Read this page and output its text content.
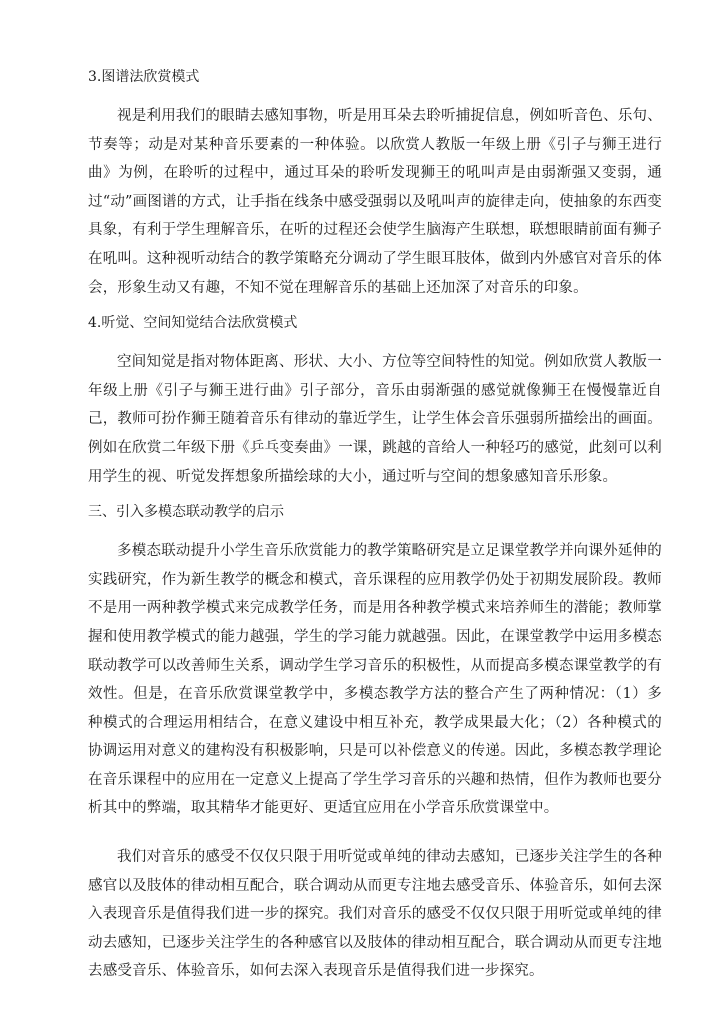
3.图谱法欣赏模式

视是利用我们的眼睛去感知事物，听是用耳朵去聆听捕捉信息，例如听音色、乐句、节奏等；动是对某种音乐要素的一种体验。以欣赏人教版一年级上册《引子与狮王进行曲》为例，在聆听的过程中，通过耳朵的聆听发现狮王的吼叫声是由弱渐强又变弱，通过“动”画图谱的方式，让手指在线条中感受强弱以及吼叫声的旋律走向，使抽象的东西变具象，有利于学生理解音乐，在听的过程还会使学生脑海产生联想，联想眼睛前面有狮子在吼叫。这种视听动结合的教学策略充分调动了学生眼耳肢体，做到内外感官对音乐的体会，形象生动又有趣，不知不觉在理解音乐的基础上还加深了对音乐的印象。

4.听觉、空间知觉结合法欣赏模式

空间知觉是指对物体距离、形状、大小、方位等空间特性的知觉。例如欣赏人教版一年级上册《引子与狮王进行曲》引子部分，音乐由弱渐强的感觉就像狮王在慢慢靠近自己，教师可扮作狮王随着音乐有律动的靠近学生，让学生体会音乐强弱所描绘出的画面。例如在欣赏二年级下册《乒乓变奏曲》一课，跳越的音给人一种轻巧的感觉，此刻可以利用学生的视、听觉发挥想象所描绘球的大小，通过听与空间的想象感知音乐形象。

三、引入多模态联动教学的启示

多模态联动提升小学生音乐欣赏能力的教学策略研究是立足课堂教学并向课外延伸的实践研究，作为新生教学的概念和模式，音乐课程的应用教学仍处于初期发展阶段。教师不是用一两种教学模式来完成教学任务，而是用各种教学模式来培养师生的潜能；教师掌握和使用教学模式的能力越强，学生的学习能力就越强。因此，在课堂教学中运用多模态联动教学可以改善师生关系，调动学生学习音乐的积极性，从而提高多模态课堂教学的有效性。但是，在音乐欣赏课堂教学中，多模态教学方法的整合产生了两种情况：（1）多种模式的合理运用相结合，在意义建设中相互补充，教学成果最大化；（2）各种模式的协调运用对意义的建构没有积极影响，只是可以补偿意义的传递。因此，多模态教学理论在音乐课程中的应用在一定意义上提高了学生学习音乐的兴趣和热情，但作为教师也要分析其中的弊端，取其精华才能更好、更适宜应用在小学音乐欣赏课堂中。

我们对音乐的感受不仅仅只限于用听觉或单纯的律动去感知，已逐步关注学生的各种感官以及肢体的律动相互配合，联合调动从而更专注地去感受音乐、体验音乐，如何去深入表现音乐是值得我们进一步的探究。我们对音乐的感受不仅仅只限于用听觉或单纯的律动去感知，已逐步关注学生的各种感官以及肢体的律动相互配合，联合调动从而更专注地去感受音乐、体验音乐，如何去深入表现音乐是值得我们进一步探究。
